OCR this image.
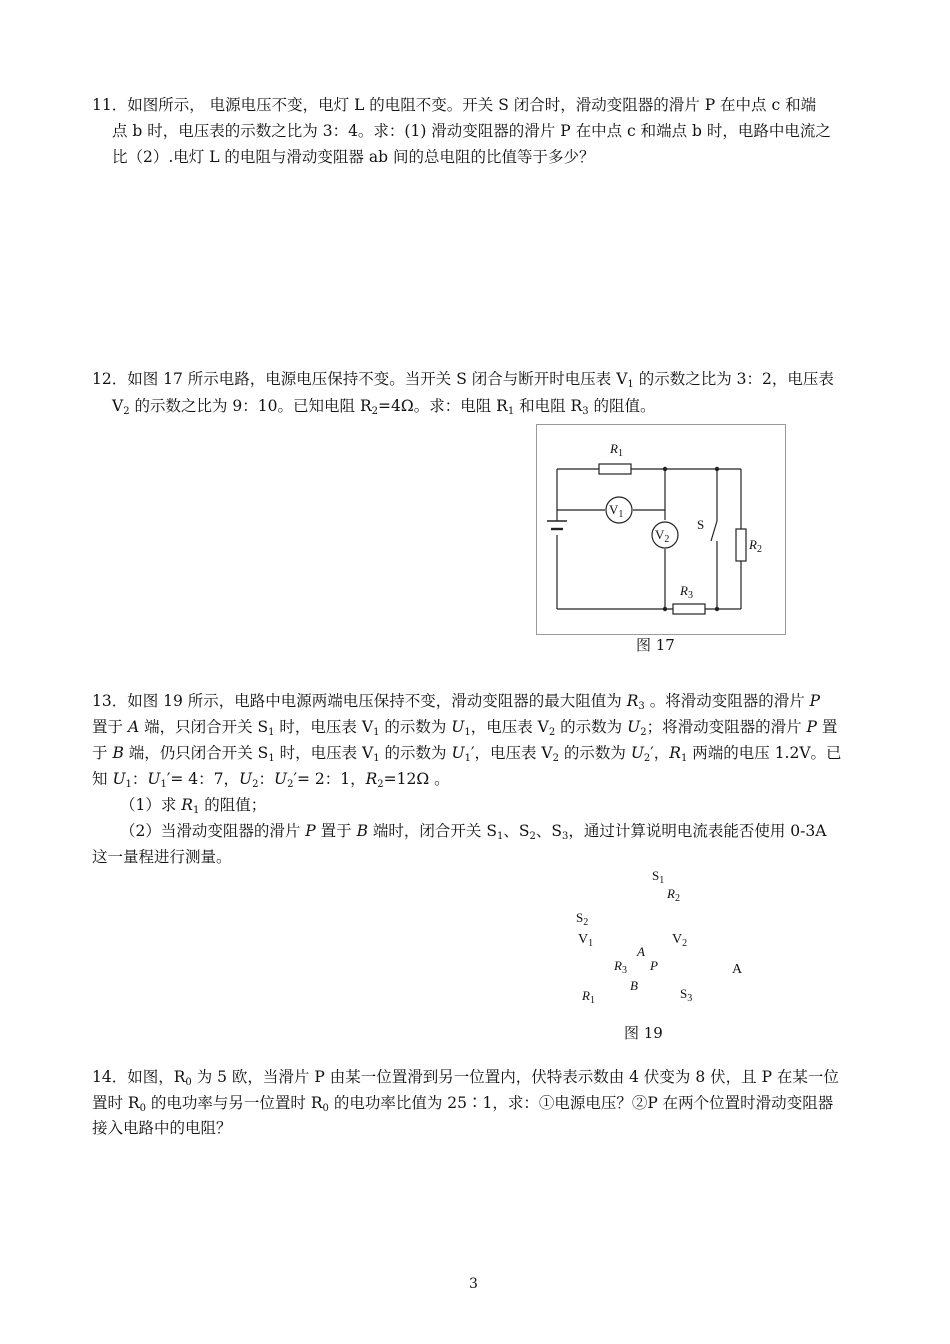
11．如图所示， 电源电压不变，电灯 L 的电阻不变。开关 S 闭合时，滑动变阻器的滑片 P 在中点 c 和端
点 b 时，电压表的示数之比为 3：4。求：(1) 滑动变阻器的滑片 P 在中点 c 和端点 b 时，电路中电流之
比（2）.电灯 L 的电阻与滑动变阻器 ab 间的总电阻的比值等于多少？
12．如图 17 所示电路，电源电压保持不变。当开关 S 闭合与断开时电压表 $V_1$ 的示数之比为 3：2，电压表
$V_2$ 的示数之比为 9：10。已知电阻 $R_2=4\Omega$。求：电阻 $R_1$ 和电阻 $R_3$ 的阻值。
$R_1$
$V_1$
$V_2$
S
$R_2$
$R_3$
图 17
13．如图 19 所示，电路中电源两端电压保持不变，滑动变阻器的最大阻值为 $R_3$ 。将滑动变阻器的滑片 P
置于 A 端，只闭合开关 $S_1$ 时，电压表 $V_1$ 的示数为 $U_1$，电压表 $V_2$ 的示数为 $U_2$；将滑动变阻器的滑片 P 置
于 B 端，仍只闭合开关 $S_1$ 时，电压表 $V_1$ 的示数为 $U_1'$，电压表 $V_2$ 的示数为 $U_2'$，$R_1$ 两端的电压 1.2V。已
知 $U_1$：$U_1'= 4$：7，$U_2$：$U_2'= 2$：1，$R_2=12\Omega$ 。
（1）求 $R_1$ 的阻值；
（2）当滑动变阻器的滑片 P 置于 B 端时，闭合开关 $S_1$、$S_2$、$S_3$，通过计算说明电流表能否使用 0-3A
这一量程进行测量。
$S_1$
$R_2$
$S_2$
$V_1$	$V_2$
A
$R_3$ P	A
B
$S_3$
$R_1$
图 19
14．如图，$R_0$ 为 5 欧，当滑片 P 由某一位置滑到另一位置内，伏特表示数由 4 伏变为 8 伏，且 P 在某一位
置时 $R_0$ 的电功率与另一位置时 $R_0$ 的电功率比值为 25∶1，求：①电源电压？②P 在两个位置时滑动变阻器
接入电路中的电阻？
3
